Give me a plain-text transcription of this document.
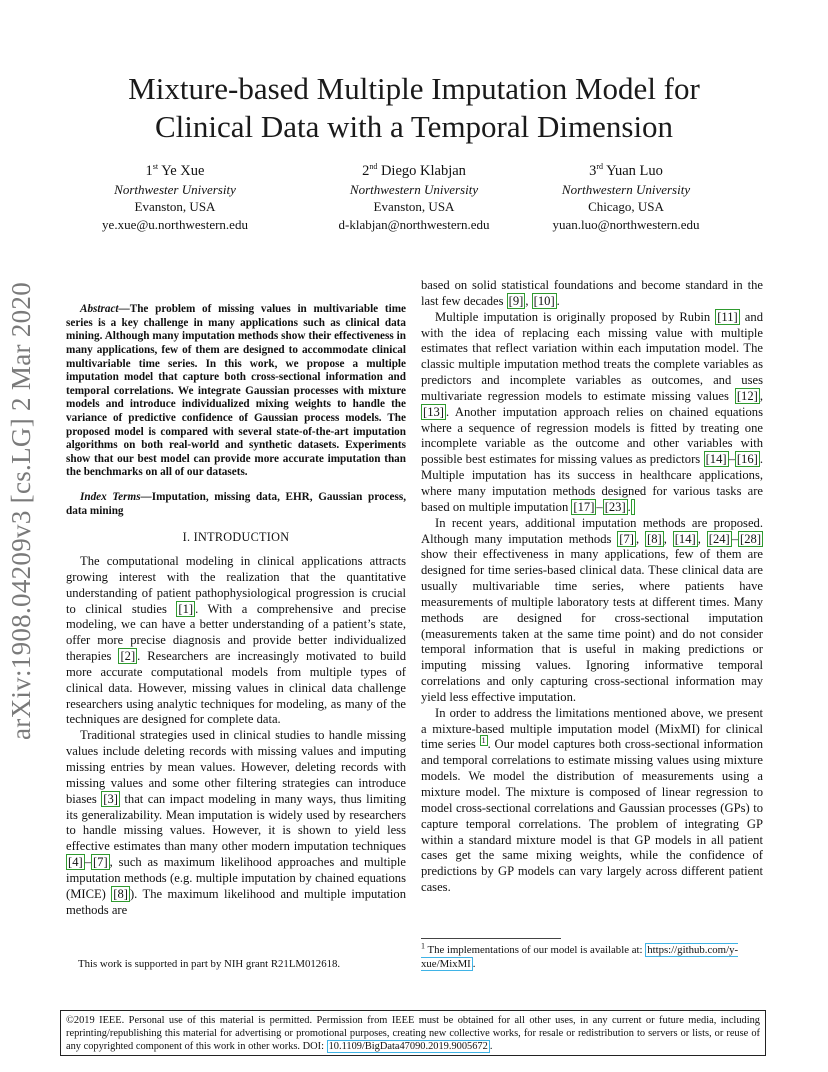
Mixture-based Multiple Imputation Model for
Clinical Data with a Temporal Dimension
1st Ye Xue
Northwester University
Evanston, USA
ye.xue@u.northwestern.edu
2nd Diego Klabjan
Northwestern University
Evanston, USA
d-klabjan@northwestern.edu
3rd Yuan Luo
Northwestern University
Chicago, USA
yuan.luo@northwestern.edu
arXiv:1908.04209v3 [cs.LG] 2 Mar 2020	Abstract—The problem of missing values in multivariable time series is a key challenge in many applications such as clinical data mining. Although many imputation methods show their effectiveness in many applications, few of them are designed to accommodate clinical multivariable time series. In this work, we propose a multiple imputation model that capture both cross-sectional information and temporal correlations. We integrate Gaussian processes with mixture models and introduce individualized mixing weights to handle the variance of predictive confidence of Gaussian process models. The proposed model is compared with several state-of-the-art imputation algorithms on both real-world and synthetic datasets. Experiments show that our best model can provide more accurate imputation than the benchmarks on all of our datasets.

Index Terms—Imputation, missing data, EHR, Gaussian process, data mining

I. INTRODUCTION

The computational modeling in clinical applications attracts growing interest with the realization that the quantitative understanding of patient pathophysiological progression is crucial to clinical studies [1] . With a comprehensive and precise modeling, we can have a better understanding of a patient’s state, offer more precise diagnosis and provide better individualized therapies [2] . Researchers are increasingly motivated to build more accurate computational models from multiple types of clinical data. However, missing values in clinical data challenge researchers using analytic techniques for modeling, as many of the techniques are designed for complete data.

Traditional strategies used in clinical studies to handle missing values include deleting records with missing values and imputing missing entries by mean values. However, deleting records with missing values and some other filtering strategies can introduce biases [3] that can impact modeling in many ways, thus limiting its generalizability. Mean imputation is widely used by researchers to handle missing values. However, it is shown to yield less effective estimates than many other modern imputation techniques [4] – [7] , such as maximum likelihood approaches and multiple imputation methods (e.g. multiple imputation by chained equations (MICE) [8] ). The maximum likelihood and multiple imputation methods are

based on solid statistical foundations and become standard in the last few decades [9] , [10] .

Multiple imputation is originally proposed by Rubin [11] and with the idea of replacing each missing value with multiple estimates that reflect variation within each imputation model. The classic multiple imputation method treats the complete variables as predictors and incomplete variables as outcomes, and uses multivariate regression models to estimate missing values [12] , [13] . Another imputation approach relies on chained equations where a sequence of regression models is fitted by treating one incomplete variable as the outcome and other variables with possible best estimates for missing values as predictors [14] – [16] . Multiple imputation has its success in healthcare applications, where many imputation methods designed for various tasks are based on multiple imputation [17] – [23] .

In recent years, additional imputation methods are proposed. Although many imputation methods [7] , [8] , [14] , [24] – [28] show their effectiveness in many applications, few of them are designed for time series-based clinical data. These clinical data are usually multivariable time series, where patients have measurements of multiple laboratory tests at different times. Many methods are designed for cross-sectional imputation (measurements taken at the same time point) and do not consider temporal information that is useful in making predictions or imputing missing values. Ignoring informative temporal correlations and only capturing cross-sectional information may yield less effective imputation.

In order to address the limitations mentioned above, we present a mixture-based multiple imputation model (MixMI) for clinical time series $^1$ . Our model captures both cross-sectional information and temporal correlations to estimate missing values using mixture models. We model the distribution of measurements using a mixture model. The mixture is composed of linear regression to model cross-sectional correlations and Gaussian processes (GPs) to capture temporal correlations. The problem of integrating GP within a standard mixture model is that GP models in all patient cases get the same mixing weights, while the confidence of predictions by GP models can vary largely across different patient cases.

$^1$ The implementations of our model is available at: https://github.com/y-xue/MixMI .
This work is supported in part by NIH grant R21LM012618.
©2019 IEEE. Personal use of this material is permitted. Permission from IEEE must be obtained for all other uses, in any current or future media, including reprinting/republishing this material for advertising or promotional purposes, creating new collective works, for resale or redistribution to servers or lists, or reuse of any copyrighted component of this work in other works. DOI: 10.1109/BigData47090.2019.9005672 .
